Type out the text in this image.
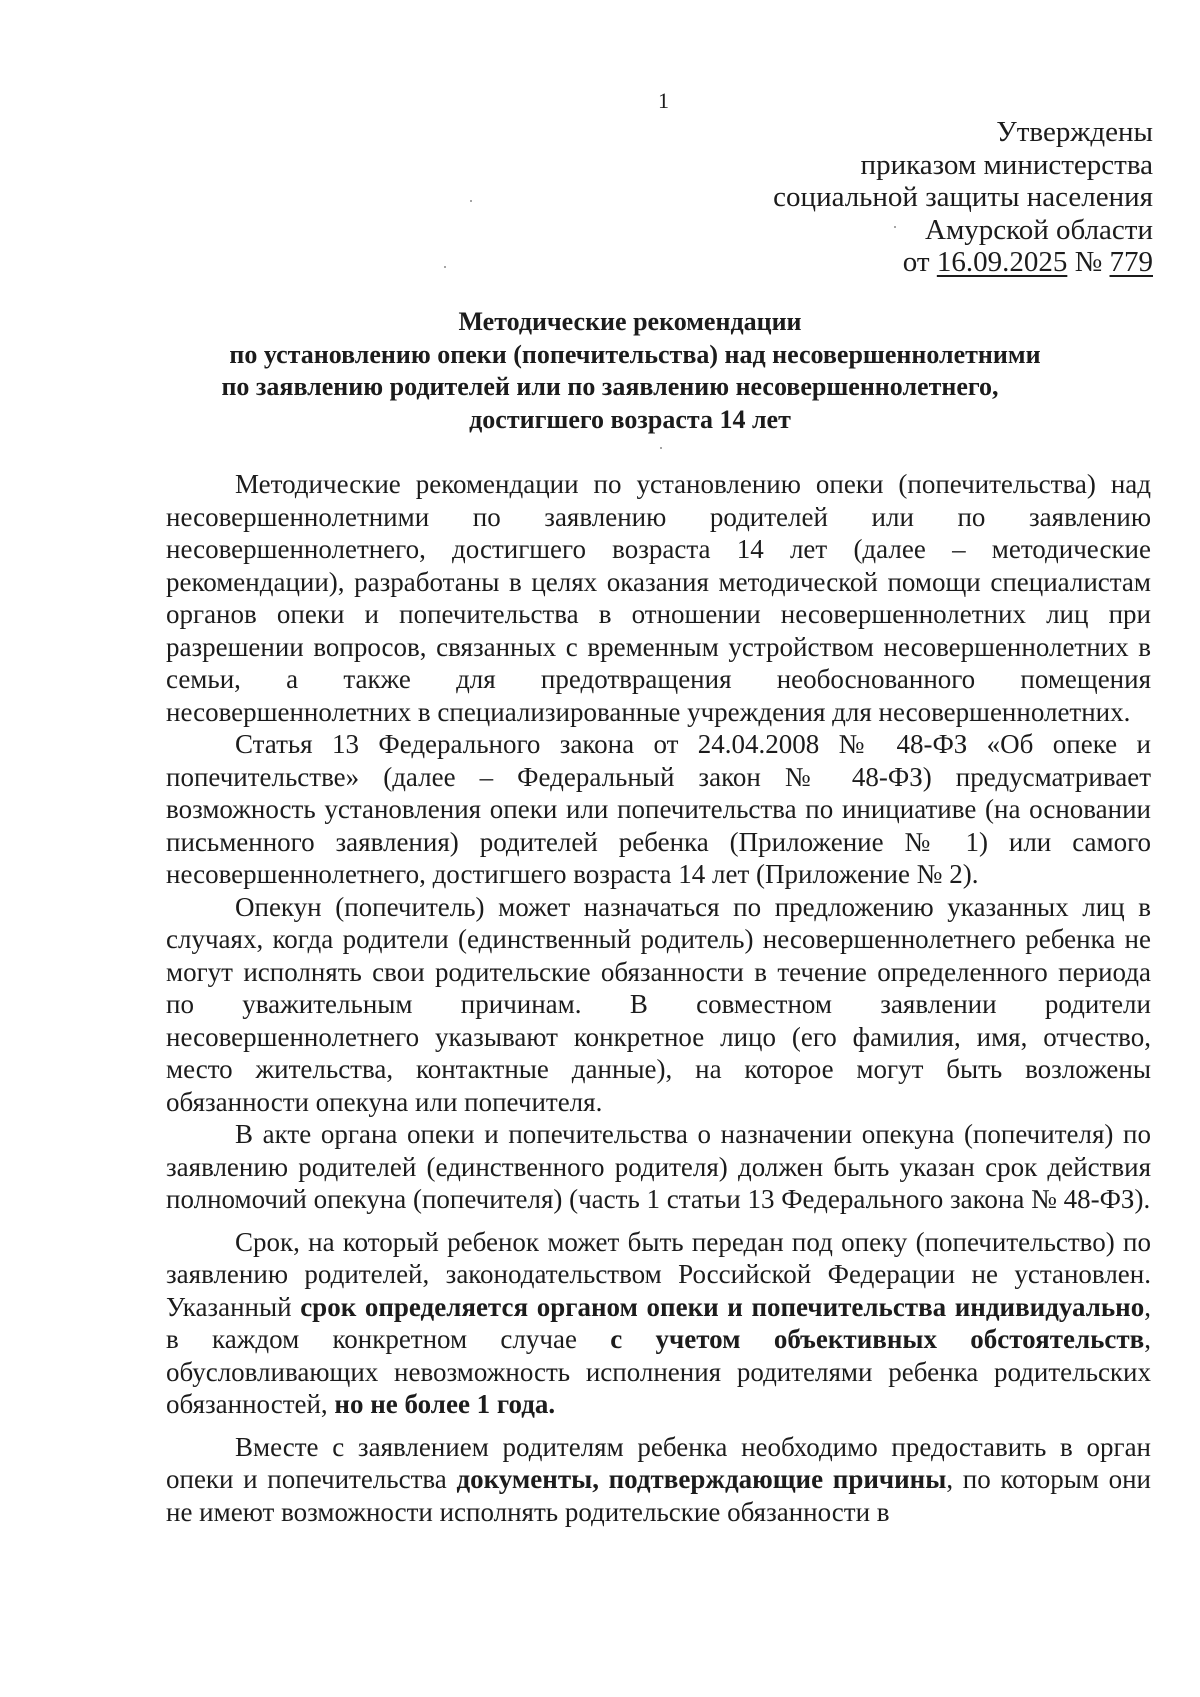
1
Утверждены
приказом министерства
социальной защиты населения
Амурской области
от 16.09.2025 № 779
Методические рекомендации
по установлению опеки (попечительства) над несовершеннолетними
по заявлению родителей или по заявлению несовершеннолетнего,
достигшего возраста 14 лет

Методические рекомендации по установлению опеки (попечительства) над несовершеннолетними по заявлению родителей или по заявлению несовершеннолетнего, достигшего возраста 14 лет (далее – методические рекомендации), разработаны в целях оказания методической помощи специалистам органов опеки и попечительства в отношении несовершеннолетних лиц при разрешении вопросов, связанных с временным устройством несовершеннолетних в семьи, а также для предотвращения необоснованного помещения несовершеннолетних в специализированные учреждения для несовершеннолетних.

Статья 13 Федерального закона от 24.04.2008 № 48-ФЗ «Об опеке и попечительстве» (далее – Федеральный закон № 48-ФЗ) предусматривает возможность установления опеки или попечительства по инициативе (на основании письменного заявления) родителей ребенка (Приложение № 1) или самого несовершеннолетнего, достигшего возраста 14 лет (Приложение № 2).

Опекун (попечитель) может назначаться по предложению указанных лиц в случаях, когда родители (единственный родитель) несовершеннолетнего ребенка не могут исполнять свои родительские обязанности в течение определенного периода по уважительным причинам. В совместном заявлении родители несовершеннолетнего указывают конкретное лицо (его фамилия, имя, отчество, место жительства, контактные данные), на которое могут быть возложены обязанности опекуна или попечителя.

В акте органа опеки и попечительства о назначении опекуна (попечителя) по заявлению родителей (единственного родителя) должен быть указан срок действия полномочий опекуна (попечителя) (часть 1 статьи 13 Федерального закона № 48-ФЗ).

Срок, на который ребенок может быть передан под опеку (попечительство) по заявлению родителей, законодательством Российской Федерации не установлен. Указанный срок определяется органом опеки и попечительства индивидуально, в каждом конкретном случае с учетом объективных обстоятельств, обусловливающих невозможность исполнения родителями ребенка родительских обязанностей, но не более 1 года.

Вместе с заявлением родителям ребенка необходимо предоставить в орган опеки и попечительства документы, подтверждающие причины, по которым они не имеют возможности исполнять родительские обязанности в
